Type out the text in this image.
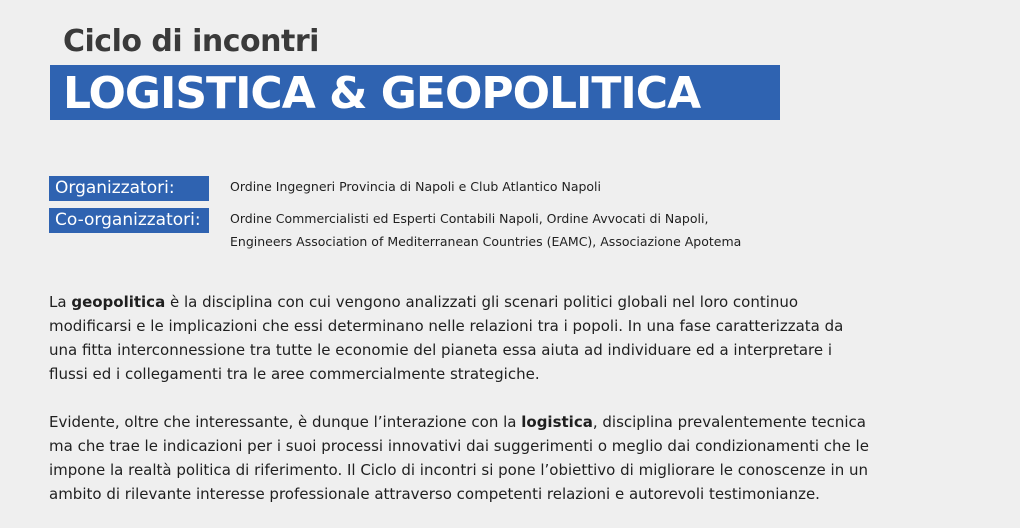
Ciclo di incontri
LOGISTICA & GEOPOLITICA
Organizzatori:	Ordine Ingegneri Provincia di Napoli e Club Atlantico Napoli
Co-organizzatori:	Ordine Commercialisti ed Esperti Contabili Napoli, Ordine Avvocati di Napoli,
Engineers Association of Mediterranean Countries (EAMC), Associazione Apotema

La geopolitica è la disciplina con cui vengono analizzati gli scenari politici globali nel loro continuo
modificarsi e le implicazioni che essi determinano nelle relazioni tra i popoli. In una fase caratterizzata da
una fitta interconnessione tra tutte le economie del pianeta essa aiuta ad individuare ed a interpretare i
flussi ed i collegamenti tra le aree commercialmente strategiche.

Evidente, oltre che interessante, è dunque l’interazione con la logistica, disciplina prevalentemente tecnica
ma che trae le indicazioni per i suoi processi innovativi dai suggerimenti o meglio dai condizionamenti che le
impone la realtà politica di riferimento. Il Ciclo di incontri si pone l’obiettivo di migliorare le conoscenze in un
ambito di rilevante interesse professionale attraverso competenti relazioni e autorevoli testimonianze.
